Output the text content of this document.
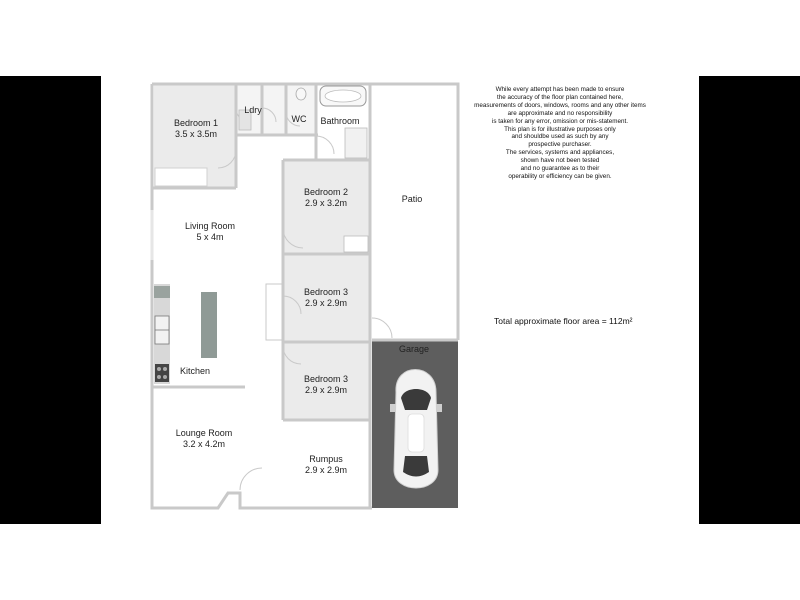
Bedroom 1
3.5 x 3.5m
Ldry
WC Bathroom
Bedroom 2
2.9 x 3.2m	Patio
Living Room
5 x 4m
Bedroom 3
2.9 x 2.9m
Garage
Kitchen
Bedroom 3
2.9 x 2.9m
Lounge Room
3.2 x 4.2m
Rumpus
2.9 x 2.9m
While every attempt has been made to ensure
the accuracy of the floor plan contained here,
measurements of doors, windows, rooms and any other items
are approximate and no responsibility
is taken for any error, omission or mis-statement.
This plan is for illustrative purposes only
and shouldbe used as such by any
prospective purchaser.
The services, systems and appliances,
shown have not been tested
and no guarantee as to their
operability or efficiency can be given.
Total approximate floor area = 112m²
